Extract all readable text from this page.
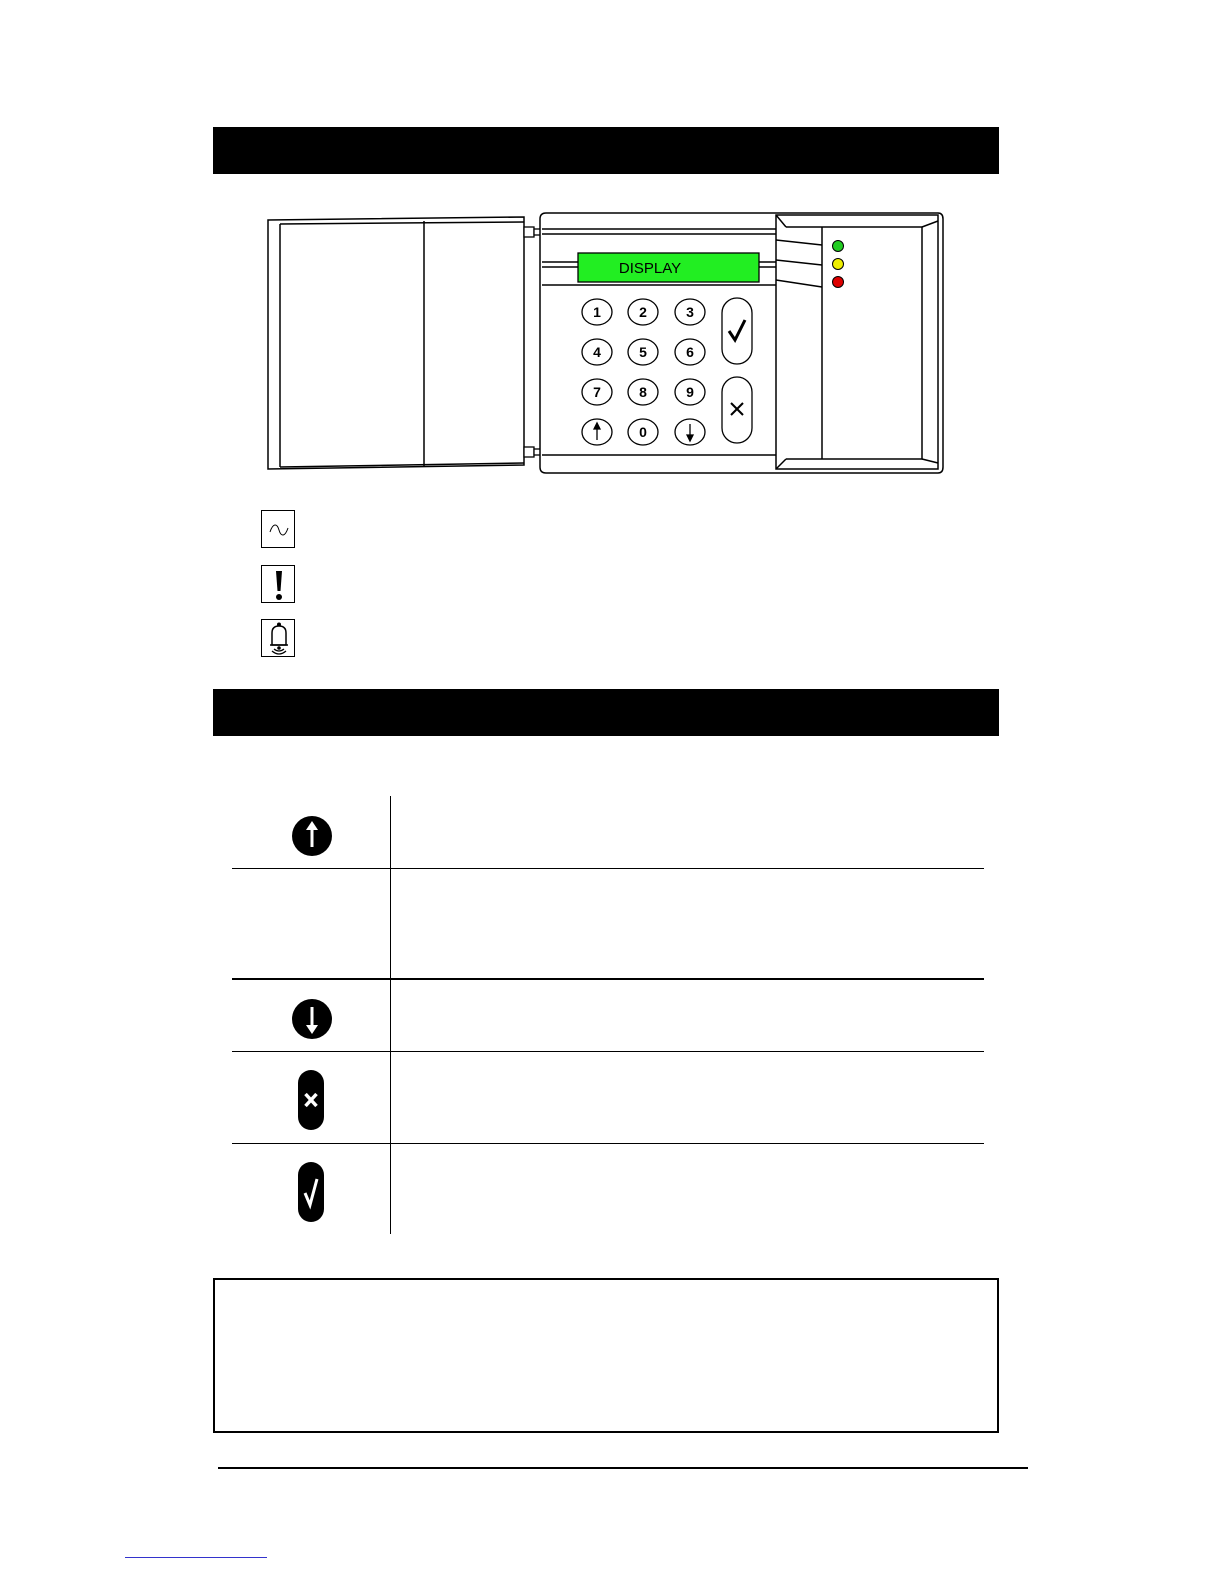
DISPLAY
1	2	3
4	5	6
7	8	9
0
